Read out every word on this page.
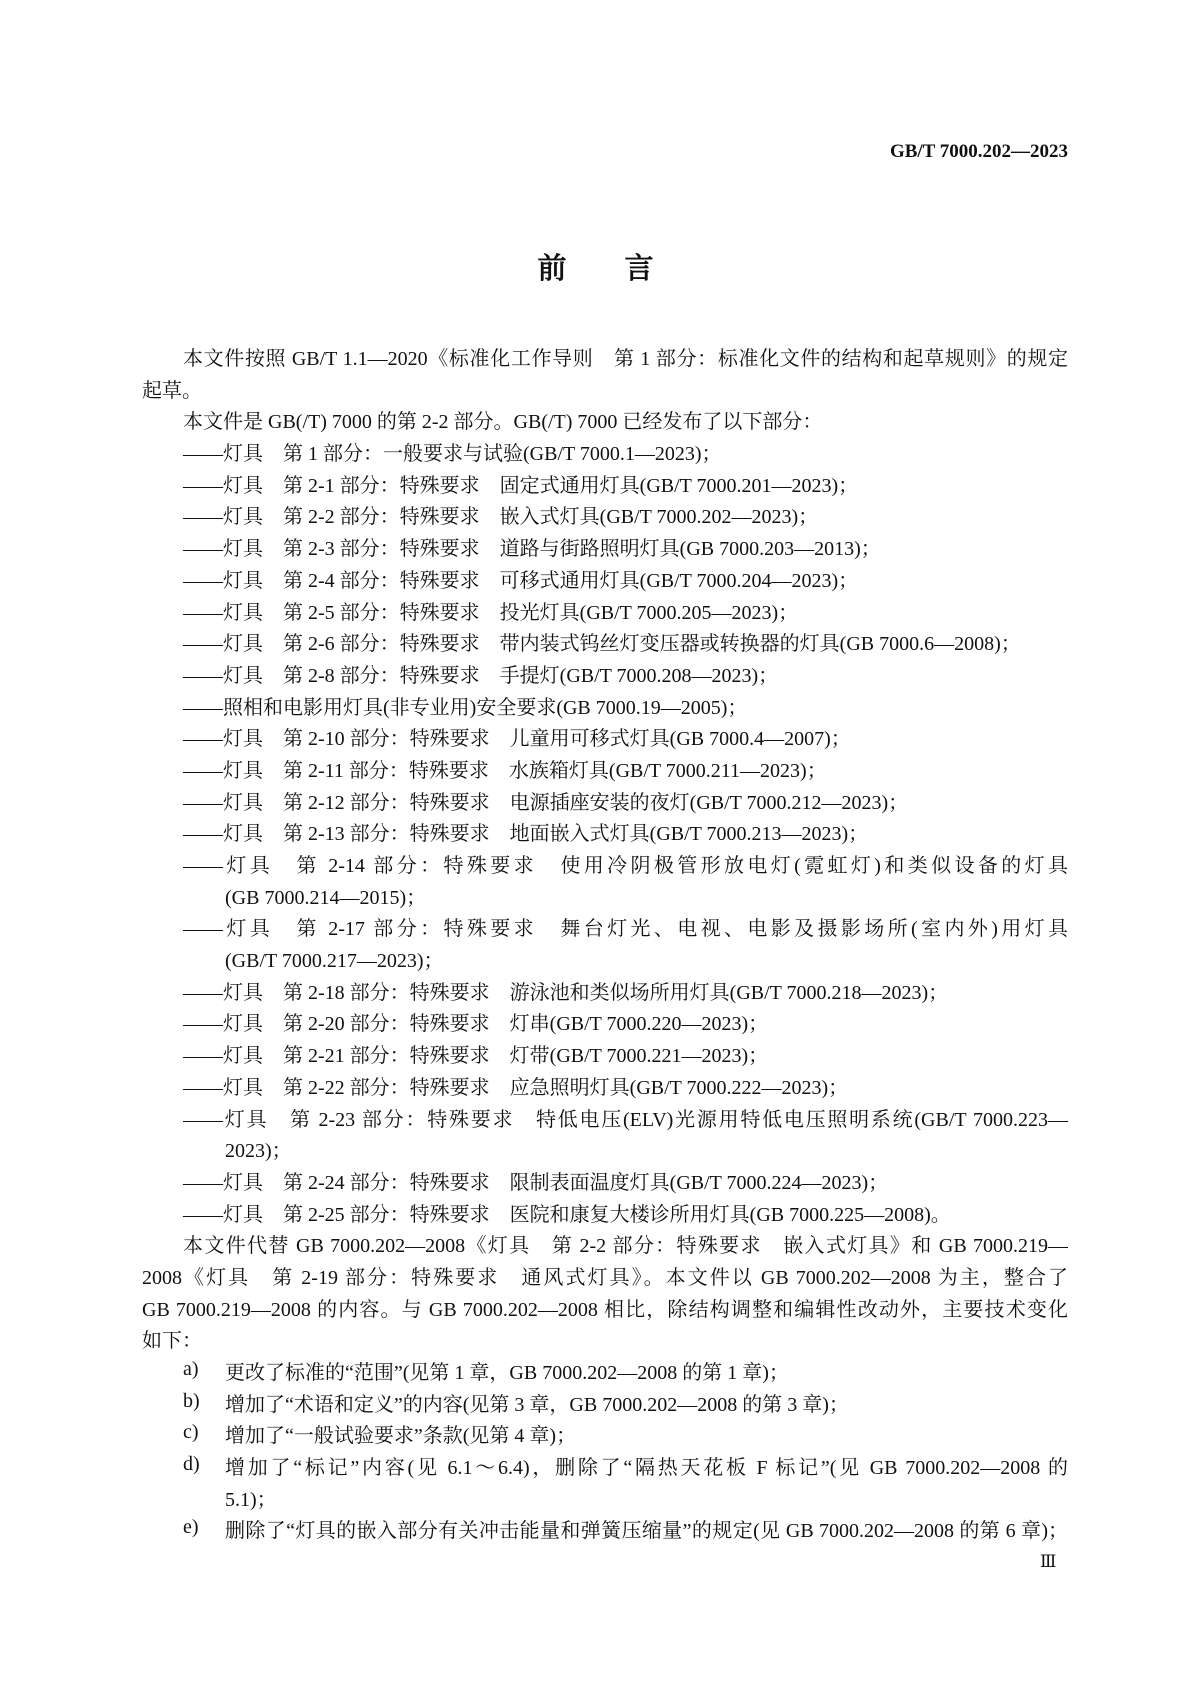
GB/T 7000.202—2023
前言
本文件按照 GB/T 1.1—2020《标准化工作导则　第 1 部分：标准化文件的结构和起草规则》的规定
起草。
本文件是 GB(/T) 7000 的第 2-2 部分。GB(/T) 7000 已经发布了以下部分：
——灯具　第 1 部分：一般要求与试验(GB/T 7000.1—2023)；
——灯具　第 2-1 部分：特殊要求　固定式通用灯具(GB/T 7000.201—2023)；
——灯具　第 2-2 部分：特殊要求　嵌入式灯具(GB/T 7000.202—2023)；
——灯具　第 2-3 部分：特殊要求　道路与街路照明灯具(GB 7000.203—2013)；
——灯具　第 2-4 部分：特殊要求　可移式通用灯具(GB/T 7000.204—2023)；
——灯具　第 2-5 部分：特殊要求　投光灯具(GB/T 7000.205—2023)；
——灯具　第 2-6 部分：特殊要求　带内装式钨丝灯变压器或转换器的灯具(GB 7000.6—2008)；
——灯具　第 2-8 部分：特殊要求　手提灯(GB/T 7000.208—2023)；
——照相和电影用灯具(非专业用)安全要求(GB 7000.19—2005)；
——灯具　第 2-10 部分：特殊要求　儿童用可移式灯具(GB 7000.4—2007)；
——灯具　第 2-11 部分：特殊要求　水族箱灯具(GB/T 7000.211—2023)；
——灯具　第 2-12 部分：特殊要求　电源插座安装的夜灯(GB/T 7000.212—2023)；
——灯具　第 2-13 部分：特殊要求　地面嵌入式灯具(GB/T 7000.213—2023)；
——灯具　第 2-14 部分：特殊要求　使用冷阴极管形放电灯(霓虹灯)和类似设备的灯具
(GB 7000.214—2015)；
——灯具　第 2-17 部分：特殊要求　舞台灯光、电视、电影及摄影场所(室内外)用灯具
(GB/T 7000.217—2023)；
——灯具　第 2-18 部分：特殊要求　游泳池和类似场所用灯具(GB/T 7000.218—2023)；
——灯具　第 2-20 部分：特殊要求　灯串(GB/T 7000.220—2023)；
——灯具　第 2-21 部分：特殊要求　灯带(GB/T 7000.221—2023)；
——灯具　第 2-22 部分：特殊要求　应急照明灯具(GB/T 7000.222—2023)；
——灯具　第 2-23 部分：特殊要求　特低电压(ELV)光源用特低电压照明系统(GB/T 7000.223—
2023)；
——灯具　第 2-24 部分：特殊要求　限制表面温度灯具(GB/T 7000.224—2023)；
——灯具　第 2-25 部分：特殊要求　医院和康复大楼诊所用灯具(GB 7000.225—2008)。
本文件代替 GB 7000.202—2008《灯具　第 2-2 部分：特殊要求　嵌入式灯具》和 GB 7000.219—
2008《灯具　第 2-19 部分：特殊要求　通风式灯具》。本文件以 GB 7000.202—2008 为主，整合了
GB 7000.219—2008 的内容。与 GB 7000.202—2008 相比，除结构调整和编辑性改动外，主要技术变化
如下：
a) 更改了标准的“范围”(见第 1 章，GB 7000.202—2008 的第 1 章)；
b) 增加了“术语和定义”的内容(见第 3 章，GB 7000.202—2008 的第 3 章)；
c) 增加了“一般试验要求”条款(见第 4 章)；
d) 增加了“标记”内容(见 6.1～6.4)，删除了“隔热天花板 F 标记”(见 GB 7000.202—2008 的
5.1)；
e) 删除了“灯具的嵌入部分有关冲击能量和弹簧压缩量”的规定(见 GB 7000.202—2008 的第 6 章)；
Ⅲ
